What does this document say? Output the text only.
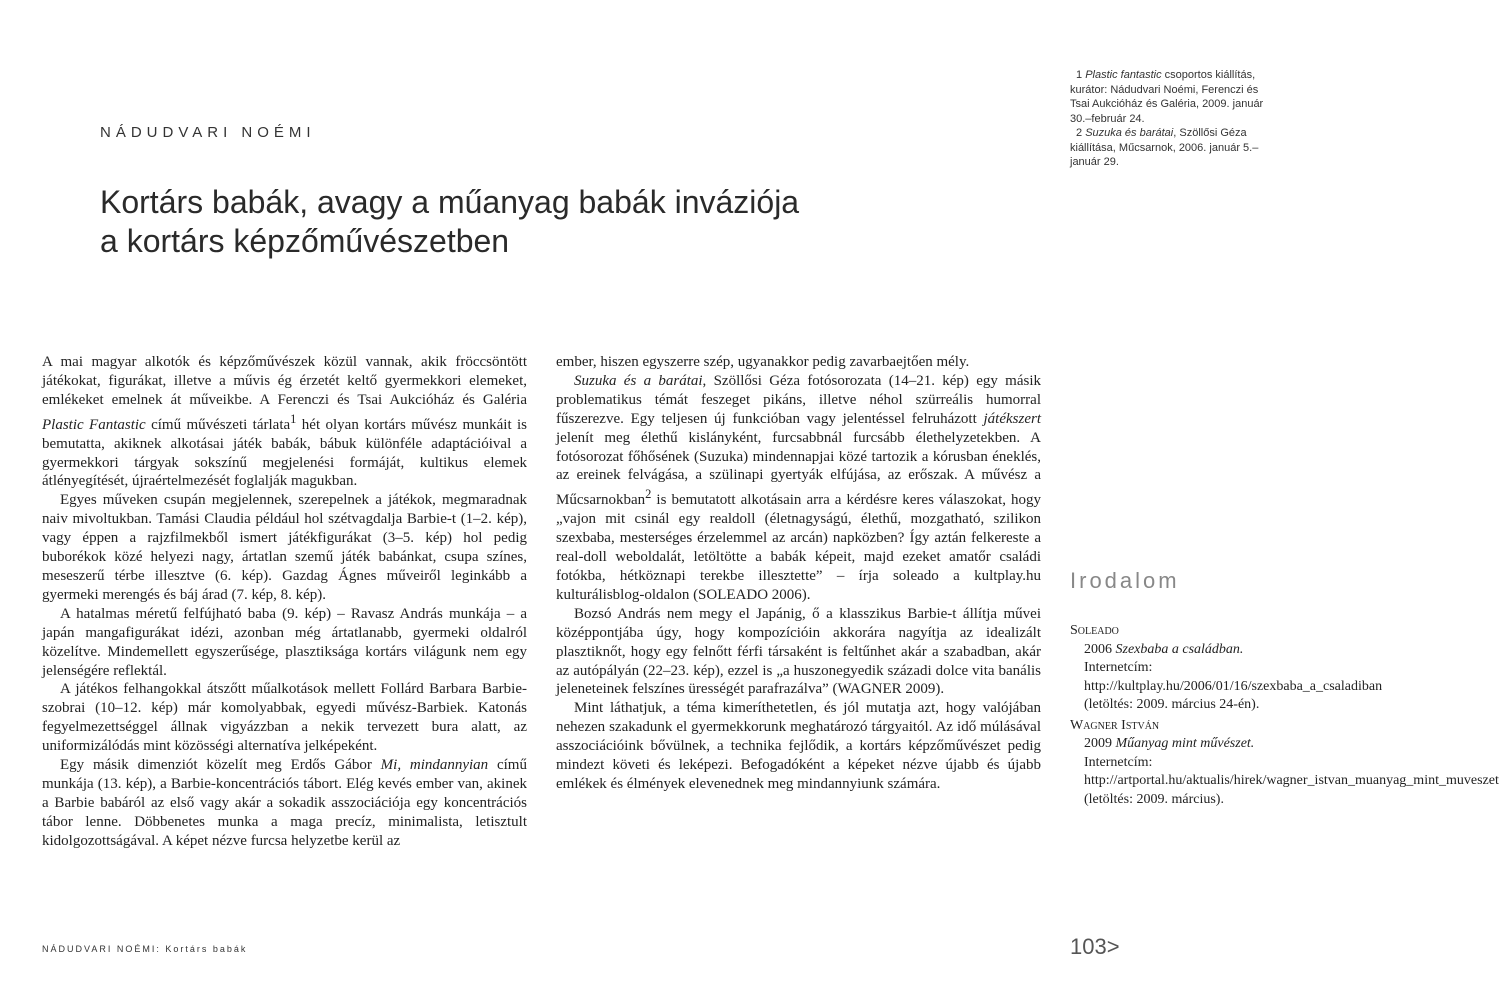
NÁDUDVARI NOÉMI
Kortárs babák, avagy a műanyag babák inváziója
a kortárs képzőművészetben

1 Plastic fantastic csoportos kiállítás, kurátor: Nádudvari Noémi, Ferenczi és Tsai Aukcióház és Galéria, 2009. január 30.–február 24.

2 Suzuka és barátai, Szöllősi Géza kiállítása, Műcsarnok, 2006. január 5.–január 29.

A mai magyar alkotók és képzőművészek közül vannak, akik fröccsöntött játékokat, figurákat, illetve a művis ég érzetét keltő gyermekkori elemeket, emlékeket emelnek át műveikbe. A Ferenczi és Tsai Aukcióház és Galéria Plastic Fantastic című művészeti tárlata$^1$ hét olyan kortárs művész munkáit is bemutatta, akiknek alkotásai játék babák, bábuk különféle adaptációival a gyermekkori tárgyak sokszínű megjelenési formáját, kultikus elemek átlényegítését, újraértelmezését foglalják magukban.

Egyes műveken csupán megjelennek, szerepelnek a játékok, megmaradnak naiv mivoltukban. Tamási Claudia például hol szétvagdalja Barbie-t (1–2. kép), vagy éppen a rajzfilmekből ismert játékfigurákat (3–5. kép) hol pedig buborékok közé helyezi nagy, ártatlan szemű játék babánkat, csupa színes, meseszerű térbe illesztve (6. kép). Gazdag Ágnes műveiről leginkább a gyermeki merengés és báj árad (7. kép, 8. kép).

A hatalmas méretű felfújható baba (9. kép) – Ravasz András munkája – a japán mangafigurákat idézi, azonban még ártatlanabb, gyermeki oldalról közelítve. Mindemellett egyszerűsége, plasztiksága kortárs világunk nem egy jelenségére reflektál.

A játékos felhangokkal átszőtt műalkotások mellett Follárd Barbara Barbie-szobrai (10–12. kép) már komolyabbak, egyedi művész-Barbiek. Katonás fegyelmezettséggel állnak vigyázzban a nekik tervezett bura alatt, az uniformizálódás mint közösségi alternatíva jelképeként.

Egy másik dimenziót közelít meg Erdős Gábor Mi, mindannyian című munkája (13. kép), a Barbie-koncentrációs tábort. Elég kevés ember van, akinek a Barbie babáról az első vagy akár a sokadik asszociációja egy koncentrációs tábor lenne. Döbbenetes munka a maga precíz, minimalista, letisztult kidolgozottságával. A képet nézve furcsa helyzetbe kerül az

ember, hiszen egyszerre szép, ugyanakkor pedig zavarbaejtően mély.

Suzuka és a barátai, Szöllősi Géza fotósorozata (14–21. kép) egy másik problematikus témát feszeget pikáns, illetve néhol szürreális humorral fűszerezve. Egy teljesen új funkcióban vagy jelentéssel felruházott játékszert jelenít meg élethű kislányként, furcsabbnál furcsább élethelyzetekben. A fotósorozat főhősének (Suzuka) mindennapjai közé tartozik a kórusban éneklés, az ereinek felvágása, a szülinapi gyertyák elfújása, az erőszak. A művész a Műcsarnokban$^2$ is bemutatott alkotásain arra a kérdésre keres válaszokat, hogy „vajon mit csinál egy realdoll (életnagyságú, élethű, mozgatható, szilikon szexbaba, mesterséges érzelemmel az arcán) napközben? Így aztán felkereste a real-doll weboldalát, letöltötte a babák képeit, majd ezeket amatőr családi fotókba, hétköznapi terekbe illesztette” – írja soleado a kultplay.hu kulturálisblog-oldalon (SOLEADO 2006).

Bozsó András nem megy el Japánig, ő a klasszikus Barbie-t állítja művei középpontjába úgy, hogy kompozícióin akkorára nagyítja az idealizált plasztiknőt, hogy egy felnőtt férfi társaként is feltűnhet akár a szabadban, akár az autópályán (22–23. kép), ezzel is „a huszonegyedik századi dolce vita banális jeleneteinek felszínes ürességét parafrazálva” (WAGNER 2009).

Mint láthatjuk, a téma kimeríthetetlen, és jól mutatja azt, hogy valójában nehezen szakadunk el gyermekkorunk meghatározó tárgyaitól. Az idő múlásával asszociációink bővülnek, a technika fejlődik, a kortárs képzőművészet pedig mindezt követi és leképezi. Befogadóként a képeket nézve újabb és újabb emlékek és élmények elevenednek meg mindannyiunk számára.

Irodalom

Soleado

2006 Szexbaba a családban. Internetcím: http://kultplay.hu/2006/01/16/szexbaba_a_csaladiban (letöltés: 2009. március 24-én).

Wagner István

2009 Műanyag mint művészet. Internetcím: http://artportal.hu/aktualis/hirek/wagner_istvan_muanyag_mint_muveszet (letöltés: 2009. március).

NÁDUDVARI NOÉMI: Kortárs babák	103>
